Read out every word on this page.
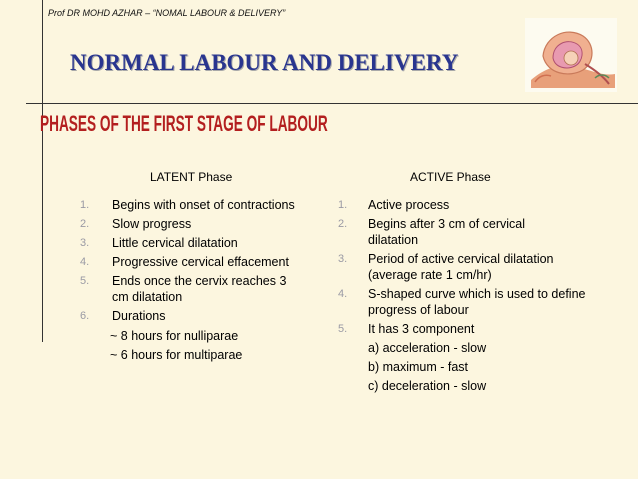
Prof DR MOHD AZHAR – “NOMAL LABOUR & DELIVERY”
NORMAL LABOUR AND DELIVERY
PHASES OF THE FIRST STAGE OF LABOUR
LATENT Phase	ACTIVE Phase
1. Begins with onset of contractions
2. Slow progress
3. Little cervical dilatation
4. Progressive cervical effacement
5. Ends once the cervix reaches 3 cm dilatation
6. Durations
~ 8 hours for nulliparae
~ 6 hours for multiparae
1. Active process
2. Begins after 3 cm of cervical dilatation
3. Period of active cervical dilatation (average rate 1 cm/hr)
4. S-shaped curve which is used to define progress of labour
5. It has 3 component
a) acceleration - slow
b) maximum - fast
c) deceleration - slow
